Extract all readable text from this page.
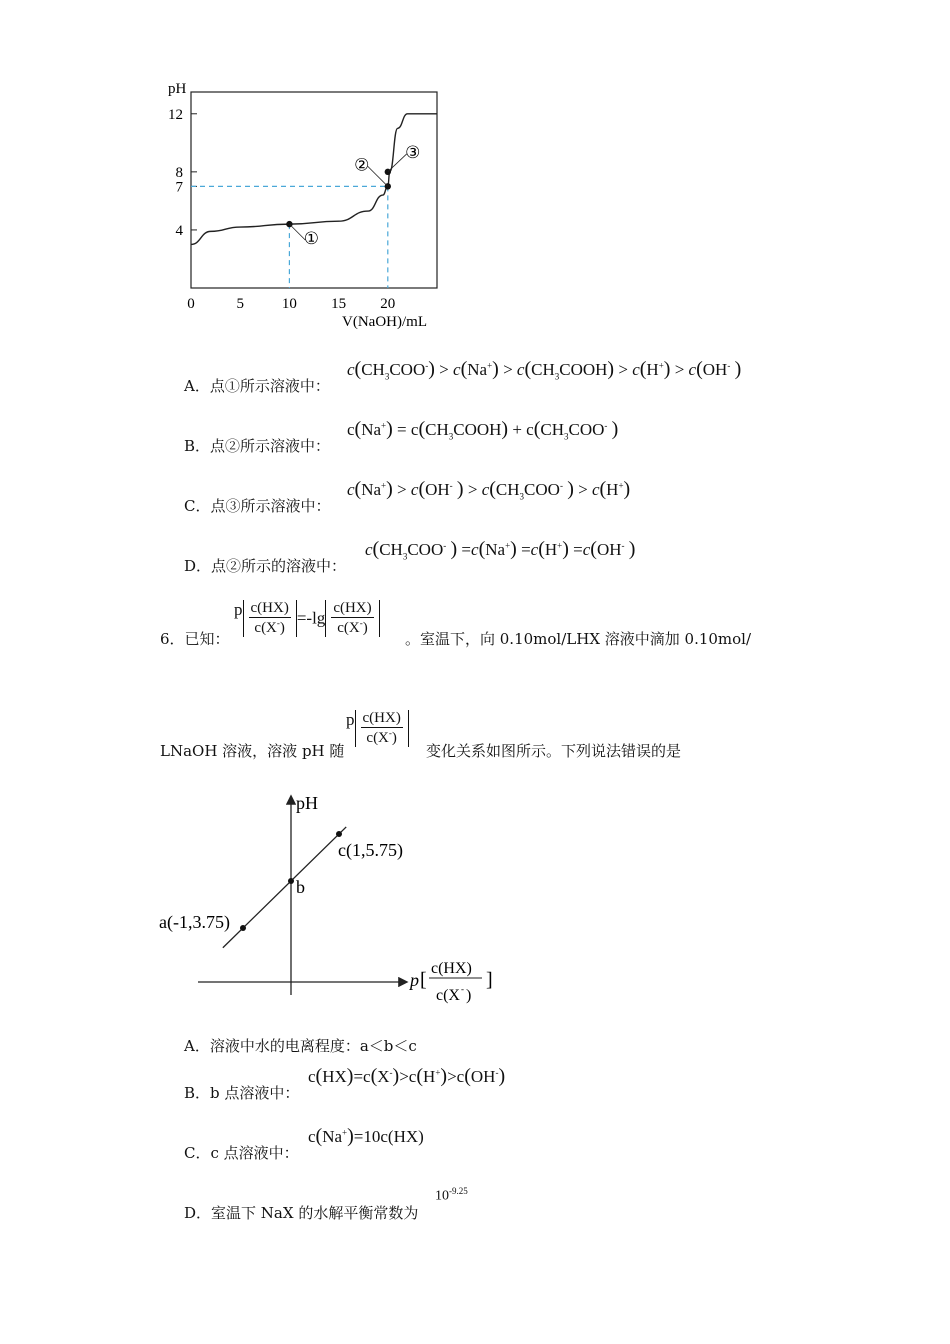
0	5	10 15 20
4
7
8
12
①
②
③
pH
V(NaOH)/mL
A．点①所示溶液中：
$c(CH_3COO^-) > c(Na^+)$ > $c(CH_3COOH) > c(H^+) > c(OH^-$ )
B．点②所示溶液中：
$c(Na^+) = c(CH_3COOH) + c(CH_3COO^-$ )
C．点③所示溶液中：
c(Na+) > c(OH- ) > $c(CH_3COO^-$ ) > c(H+)
D．点②所示的溶液中：
$c(CH_3COO^-$ ) =c(Na+) =c(H+) =c(OH- )
6．已知：
p $\frac{c(HX)}{c(X^-)} =-\lg \frac{c(HX)}{c(X^-)}$
。室温下，向 0.10mol/LHX 溶液中滴加 0.10mol/
LNaOH 溶液，溶液 pH 随
p $\frac{c(HX)}{c(X^-)}$
变化关系如图所示。下列说法错误的是
a(-1,3.75)
b
c(1,5.75)
pH
p [
c(HX)
c(X - )
]
A．溶液中水的电离程度：a＜b＜c
B．b 点溶液中：
c(HX)=c(X-)>c(H+)>c(OH-)
C．c 点溶液中：
c(Na+)=10c(HX)
D．室温下 NaX 的水解平衡常数为
$10^{-9.25}$
